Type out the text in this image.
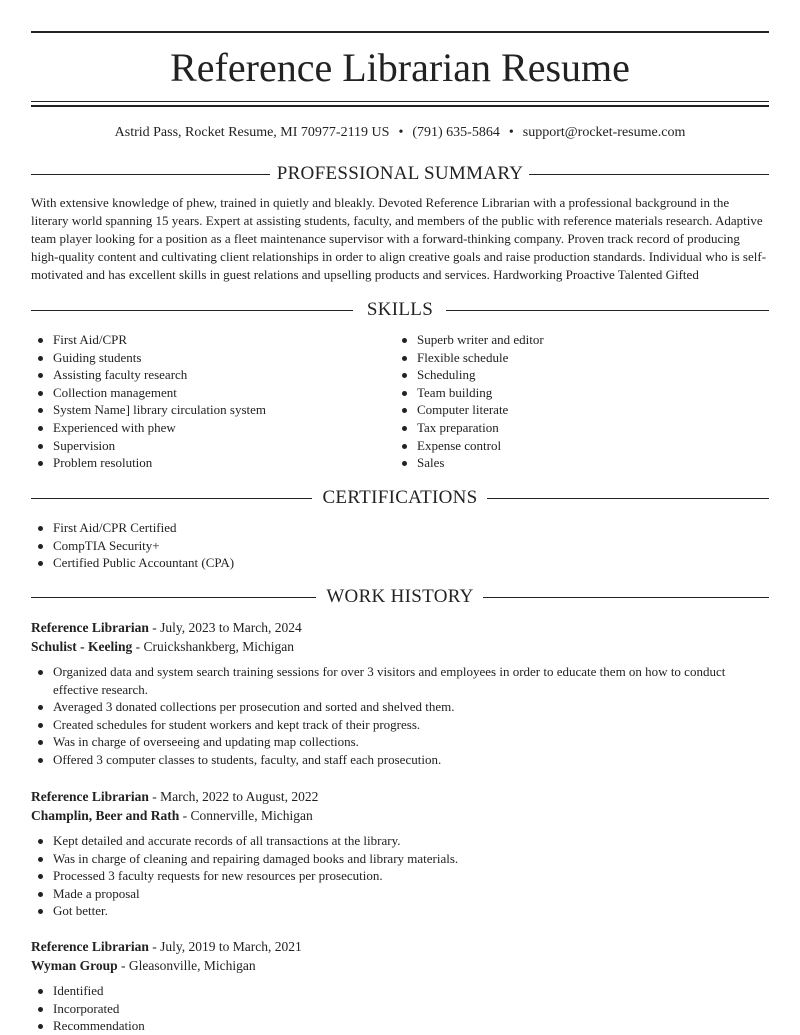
Reference Librarian Resume
Astrid Pass, Rocket Resume, MI 70977-2119 US • (791) 635-5864 • support@rocket-resume.com
PROFESSIONAL SUMMARY

With extensive knowledge of phew, trained in quietly and bleakly. Devoted Reference Librarian with a professional background in the literary world spanning 15 years. Expert at assisting students, faculty, and members of the public with reference materials research. Adaptive team player looking for a position as a fleet maintenance supervisor with a forward-thinking company. Proven track record of producing high-quality content and cultivating client relationships in order to align creative goals and raise production standards. Individual who is self-motivated and has excellent skills in guest relations and upselling products and services. Hardworking Proactive Talented Gifted

SKILLS
First Aid/CPR
Guiding students
Assisting faculty research
Collection management
System Name] library circulation system
Experienced with phew
Supervision
Problem resolution
Superb writer and editor
Flexible schedule
Scheduling
Team building
Computer literate
Tax preparation
Expense control
Sales
CERTIFICATIONS
First Aid/CPR Certified
CompTIA Security+
Certified Public Accountant (CPA)
WORK HISTORY
Reference Librarian - July, 2023 to March, 2024
Schulist - Keeling - Cruickshankberg, Michigan
Organized data and system search training sessions for over 3 visitors and employees in order to educate them on how to conduct effective research.
Averaged 3 donated collections per prosecution and sorted and shelved them.
Created schedules for student workers and kept track of their progress.
Was in charge of overseeing and updating map collections.
Offered 3 computer classes to students, faculty, and staff each prosecution.
Reference Librarian - March, 2022 to August, 2022
Champlin, Beer and Rath - Connerville, Michigan
Kept detailed and accurate records of all transactions at the library.
Was in charge of cleaning and repairing damaged books and library materials.
Processed 3 faculty requests for new resources per prosecution.
Made a proposal
Got better.
Reference Librarian - July, 2019 to March, 2021
Wyman Group - Gleasonville, Michigan
Identified
Incorporated
Recommendation
